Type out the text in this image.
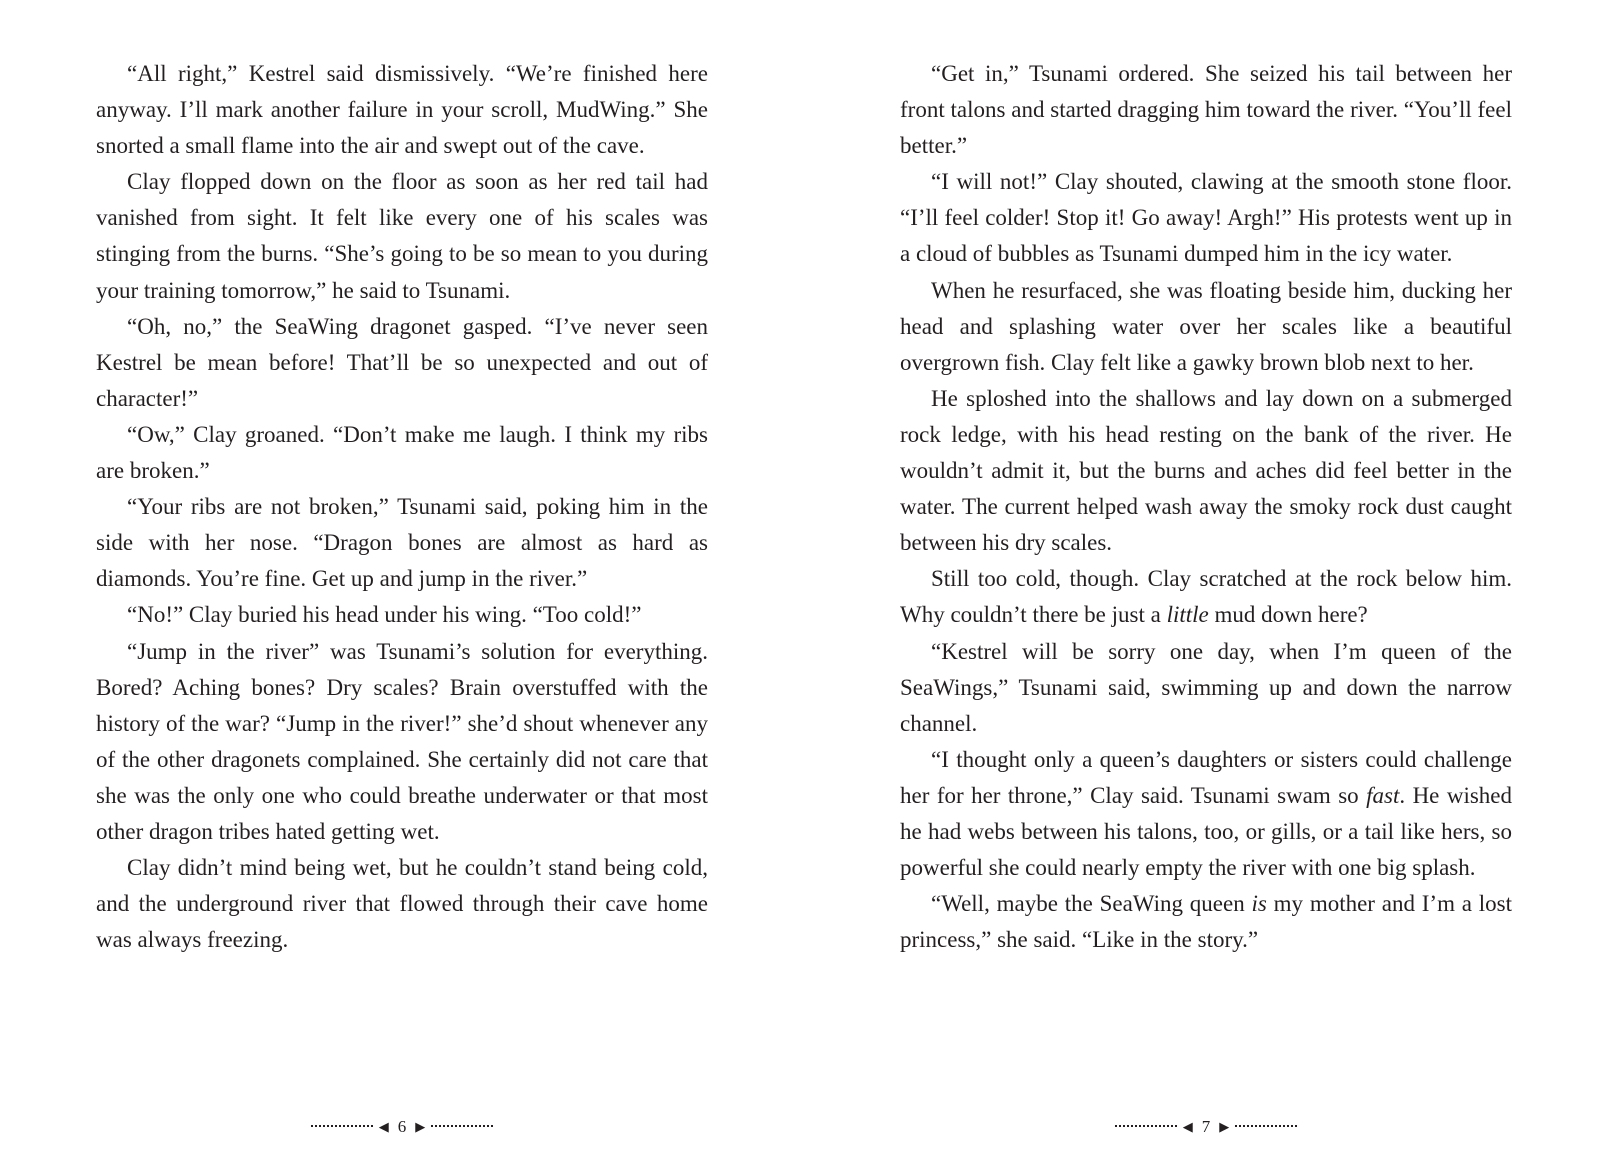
“All right,” Kestrel said dismissively. “We’re finished here anyway. I’ll mark another failure in your scroll, MudWing.” She snorted a small flame into the air and swept out of the cave.

Clay flopped down on the floor as soon as her red tail had vanished from sight. It felt like every one of his scales was stinging from the burns. “She’s going to be so mean to you during your training tomorrow,” he said to Tsunami.

“Oh, no,” the SeaWing dragonet gasped. “I’ve never seen Kestrel be mean before! That’ll be so unexpected and out of character!”

“Ow,” Clay groaned. “Don’t make me laugh. I think my ribs are broken.”

“Your ribs are not broken,” Tsunami said, poking him in the side with her nose. “Dragon bones are almost as hard as diamonds. You’re fine. Get up and jump in the river.”

“No!” Clay buried his head under his wing. “Too cold!”

“Jump in the river” was Tsunami’s solution for everything. Bored? Aching bones? Dry scales? Brain overstuffed with the history of the war? “Jump in the river!” she’d shout whenever any of the other dragonets complained. She certainly did not care that she was the only one who could breathe underwater or that most other dragon tribes hated getting wet.

Clay didn’t mind being wet, but he couldn’t stand being cold, and the underground river that flowed through their cave home was always freezing.

◀ 6 ▶

“Get in,” Tsunami ordered. She seized his tail between her front talons and started dragging him toward the river. “You’ll feel better.”

“I will not!” Clay shouted, clawing at the smooth stone floor. “I’ll feel colder! Stop it! Go away! Argh!” His protests went up in a cloud of bubbles as Tsunami dumped him in the icy water.

When he resurfaced, she was floating beside him, ducking her head and splashing water over her scales like a beautiful overgrown fish. Clay felt like a gawky brown blob next to her.

He sploshed into the shallows and lay down on a submerged rock ledge, with his head resting on the bank of the river. He wouldn’t admit it, but the burns and aches did feel better in the water. The current helped wash away the smoky rock dust caught between his dry scales.

Still too cold, though. Clay scratched at the rock below him. Why couldn’t there be just a little mud down here?

“Kestrel will be sorry one day, when I’m queen of the SeaWings,” Tsunami said, swimming up and down the narrow channel.

“I thought only a queen’s daughters or sisters could challenge her for her throne,” Clay said. Tsunami swam so fast. He wished he had webs between his talons, too, or gills, or a tail like hers, so powerful she could nearly empty the river with one big splash.

“Well, maybe the SeaWing queen is my mother and I’m a lost princess,” she said. “Like in the story.”

◀ 7 ▶
